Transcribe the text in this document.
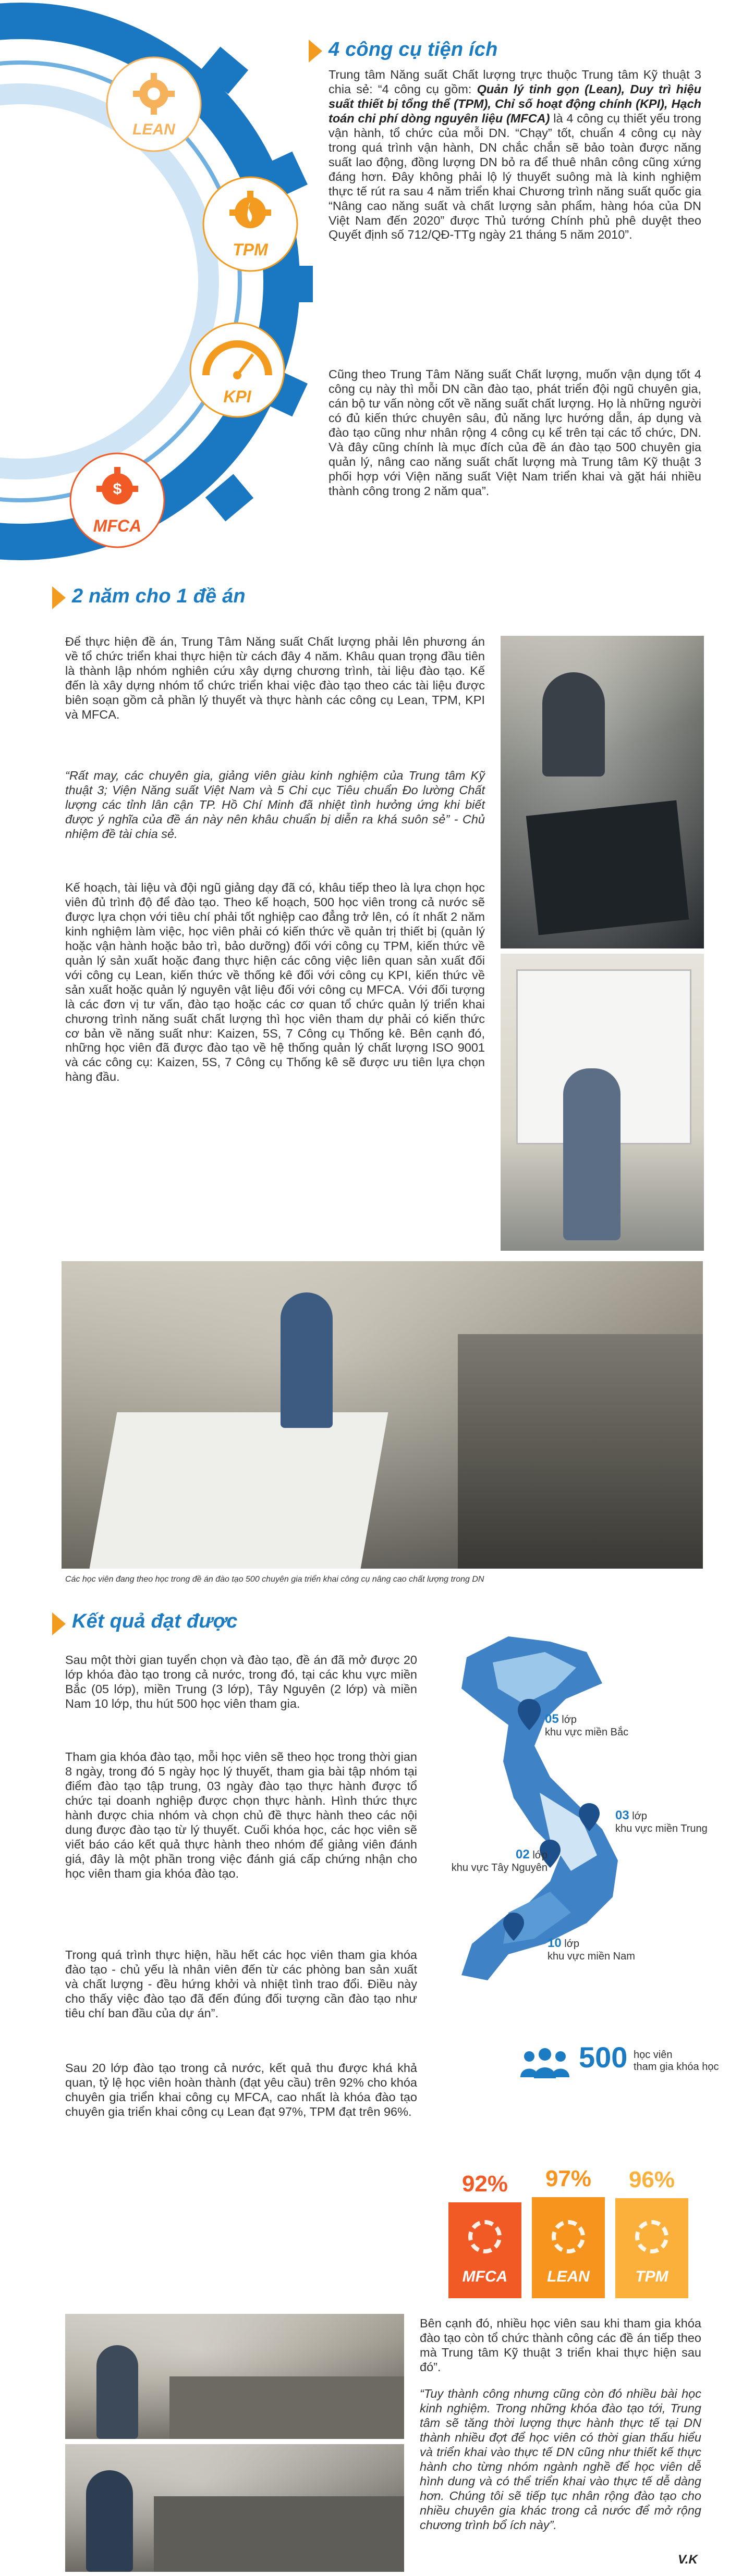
LEAN
TPM
KPI
$
MFCA
4 công cụ tiện ích
Trung tâm Năng suất Chất lượng trực thuộc Trung tâm Kỹ thuật 3 chia sẻ: “4 công cụ gồm: Quản lý tinh gọn (Lean), Duy trì hiệu suất thiết bị tổng thể (TPM), Chỉ số hoạt động chính (KPI), Hạch toán chi phí dòng nguyên liệu (MFCA) là 4 công cụ thiết yếu trong vận hành, tổ chức của mỗi DN. “Chạy” tốt, chuẩn 4 công cụ này trong quá trình vận hành, DN chắc chắn sẽ bảo toàn được năng suất lao động, đồng lượng DN bỏ ra để thuê nhân công cũng xứng đáng hơn. Đây không phải lộ lý thuyết suông mà là kinh nghiệm thực tế rút ra sau 4 năm triển khai Chương trình năng suất quốc gia “Nâng cao năng suất và chất lượng sản phẩm, hàng hóa của DN Việt Nam đến 2020” được Thủ tướng Chính phủ phê duyệt theo Quyết định số 712/QĐ-TTg ngày 21 tháng 5 năm 2010”.
Cũng theo Trung Tâm Năng suất Chất lượng, muốn vận dụng tốt 4 công cụ này thì mỗi DN cần đào tạo, phát triển đội ngũ chuyên gia, cán bộ tư vấn nòng cốt về năng suất chất lượng. Họ là những người có đủ kiến thức chuyên sâu, đủ năng lực hướng dẫn, áp dụng và đào tạo cũng như nhân rộng 4 công cụ kể trên tại các tổ chức, DN. Và đây cũng chính là mục đích của đề án đào tạo 500 chuyên gia quản lý, nâng cao năng suất chất lượng mà Trung tâm Kỹ thuật 3 phối hợp với Viện năng suất Việt Nam triển khai và gặt hái nhiều thành công trong 2 năm qua”.
2 năm cho 1 đề án
Để thực hiện đề án, Trung Tâm Năng suất Chất lượng phải lên phương án về tổ chức triển khai thực hiện từ cách đây 4 năm. Khâu quan trọng đầu tiên là thành lập nhóm nghiên cứu xây dựng chương trình, tài liệu đào tạo. Kế đến là xây dựng nhóm tổ chức triển khai việc đào tạo theo các tài liệu được biên soạn gồm cả phần lý thuyết và thực hành các công cụ Lean, TPM, KPI và MFCA.
“Rất may, các chuyên gia, giảng viên giàu kinh nghiệm của Trung tâm Kỹ thuật 3; Viện Năng suất Việt Nam và 5 Chi cục Tiêu chuẩn Đo lường Chất lượng các tỉnh lân cận TP. Hồ Chí Minh đã nhiệt tình hưởng ứng khi biết được ý nghĩa của đề án này nên khâu chuẩn bị diễn ra khá suôn sẻ” - Chủ nhiệm đề tài chia sẻ.
Kế hoạch, tài liệu và đội ngũ giảng dạy đã có, khâu tiếp theo là lựa chọn học viên đủ trình độ để đào tạo. Theo kế hoạch, 500 học viên trong cả nước sẽ được lựa chọn với tiêu chí phải tốt nghiệp cao đẳng trở lên, có ít nhất 2 năm kinh nghiệm làm việc, học viên phải có kiến thức về quản trị thiết bị (quản lý hoặc vận hành hoặc bảo trì, bảo dưỡng) đối với công cụ TPM, kiến thức về quản lý sản xuất hoặc đang thực hiện các công việc liên quan sản xuất đối với công cụ Lean, kiến thức về thống kê đối với công cụ KPI, kiến thức về sản xuất hoặc quản lý nguyên vật liệu đối với công cụ MFCA. Với đối tượng là các đơn vị tư vấn, đào tạo hoặc các cơ quan tổ chức quản lý triển khai chương trình năng suất chất lượng thì học viên tham dự phải có kiến thức cơ bản về năng suất như: Kaizen, 5S, 7 Công cụ Thống kê. Bên cạnh đó, những học viên đã được đào tạo về hệ thống quản lý chất lượng ISO 9001 và các công cụ: Kaizen, 5S, 7 Công cụ Thống kê sẽ được ưu tiên lựa chọn hàng đầu.
Các học viên đang theo học trong đề án đào tạo 500 chuyên gia triển khai công cụ nâng cao chất lượng trong DN
Kết quả đạt được
Sau một thời gian tuyển chọn và đào tạo, đề án đã mở được 20 lớp khóa đào tạo trong cả nước, trong đó, tại các khu vực miền Bắc (05 lớp), miền Trung (3 lớp), Tây Nguyên (2 lớp) và miền Nam 10 lớp, thu hút 500 học viên tham gia.
Tham gia khóa đào tạo, mỗi học viên sẽ theo học trong thời gian 8 ngày, trong đó 5 ngày học lý thuyết, tham gia bài tập nhóm tại điểm đào tạo tập trung, 03 ngày đào tạo thực hành được tổ chức tại doanh nghiệp được chọn thực hành. Hình thức thực hành được chia nhóm và chọn chủ đề thực hành theo các nội dung được đào tạo từ lý thuyết. Cuối khóa học, các học viên sẽ viết báo cáo kết quả thực hành theo nhóm để giảng viên đánh giá, đây là một phần trong việc đánh giá cấp chứng nhận cho học viên tham gia khóa đào tạo.
Trong quá trình thực hiện, hầu hết các học viên tham gia khóa đào tạo - chủ yếu là nhân viên đến từ các phòng ban sản xuất và chất lượng - đều hứng khởi và nhiệt tình trao đổi. Điều này cho thấy việc đào tạo đã đến đúng đối tượng cần đào tạo như tiêu chí ban đầu của dự án”.
Sau 20 lớp đào tạo trong cả nước, kết quả thu được khá khả quan, tỷ lệ học viên hoàn thành (đạt yêu cầu) trên 92% cho khóa chuyên gia triển khai công cụ MFCA, cao nhất là khóa đào tạo chuyên gia triển khai công cụ Lean đạt 97%, TPM đạt trên 96%.
05 lớp
khu vực miền Bắc
03 lớp
khu vực miền Trung
02 lớp
khu vực Tây Nguyên
10 lớp
khu vực miền Nam
500 học viên
tham gia khóa học
92%
MFCA
97%
LEAN
96%
TPM
Bên cạnh đó, nhiều học viên sau khi tham gia khóa đào tạo còn tổ chức thành công các đề án tiếp theo mà Trung tâm Kỹ thuật 3 triển khai thực hiện sau đó”.
“Tuy thành công nhưng cũng còn đó nhiều bài học kinh nghiệm. Trong những khóa đào tạo tới, Trung tâm sẽ tăng thời lượng thực hành thực tế tại DN thành nhiều đợt để học viên có thời gian thấu hiểu và triển khai vào thực tế DN cũng như thiết kế thực hành cho từng nhóm ngành nghề để học viên dễ hình dung và có thể triển khai vào thực tế dễ dàng hơn. Chúng tôi sẽ tiếp tục nhân rộng đào tạo cho nhiều chuyên gia khác trong cả nước để mở rộng chương trình bổ ích này”.
V.K
